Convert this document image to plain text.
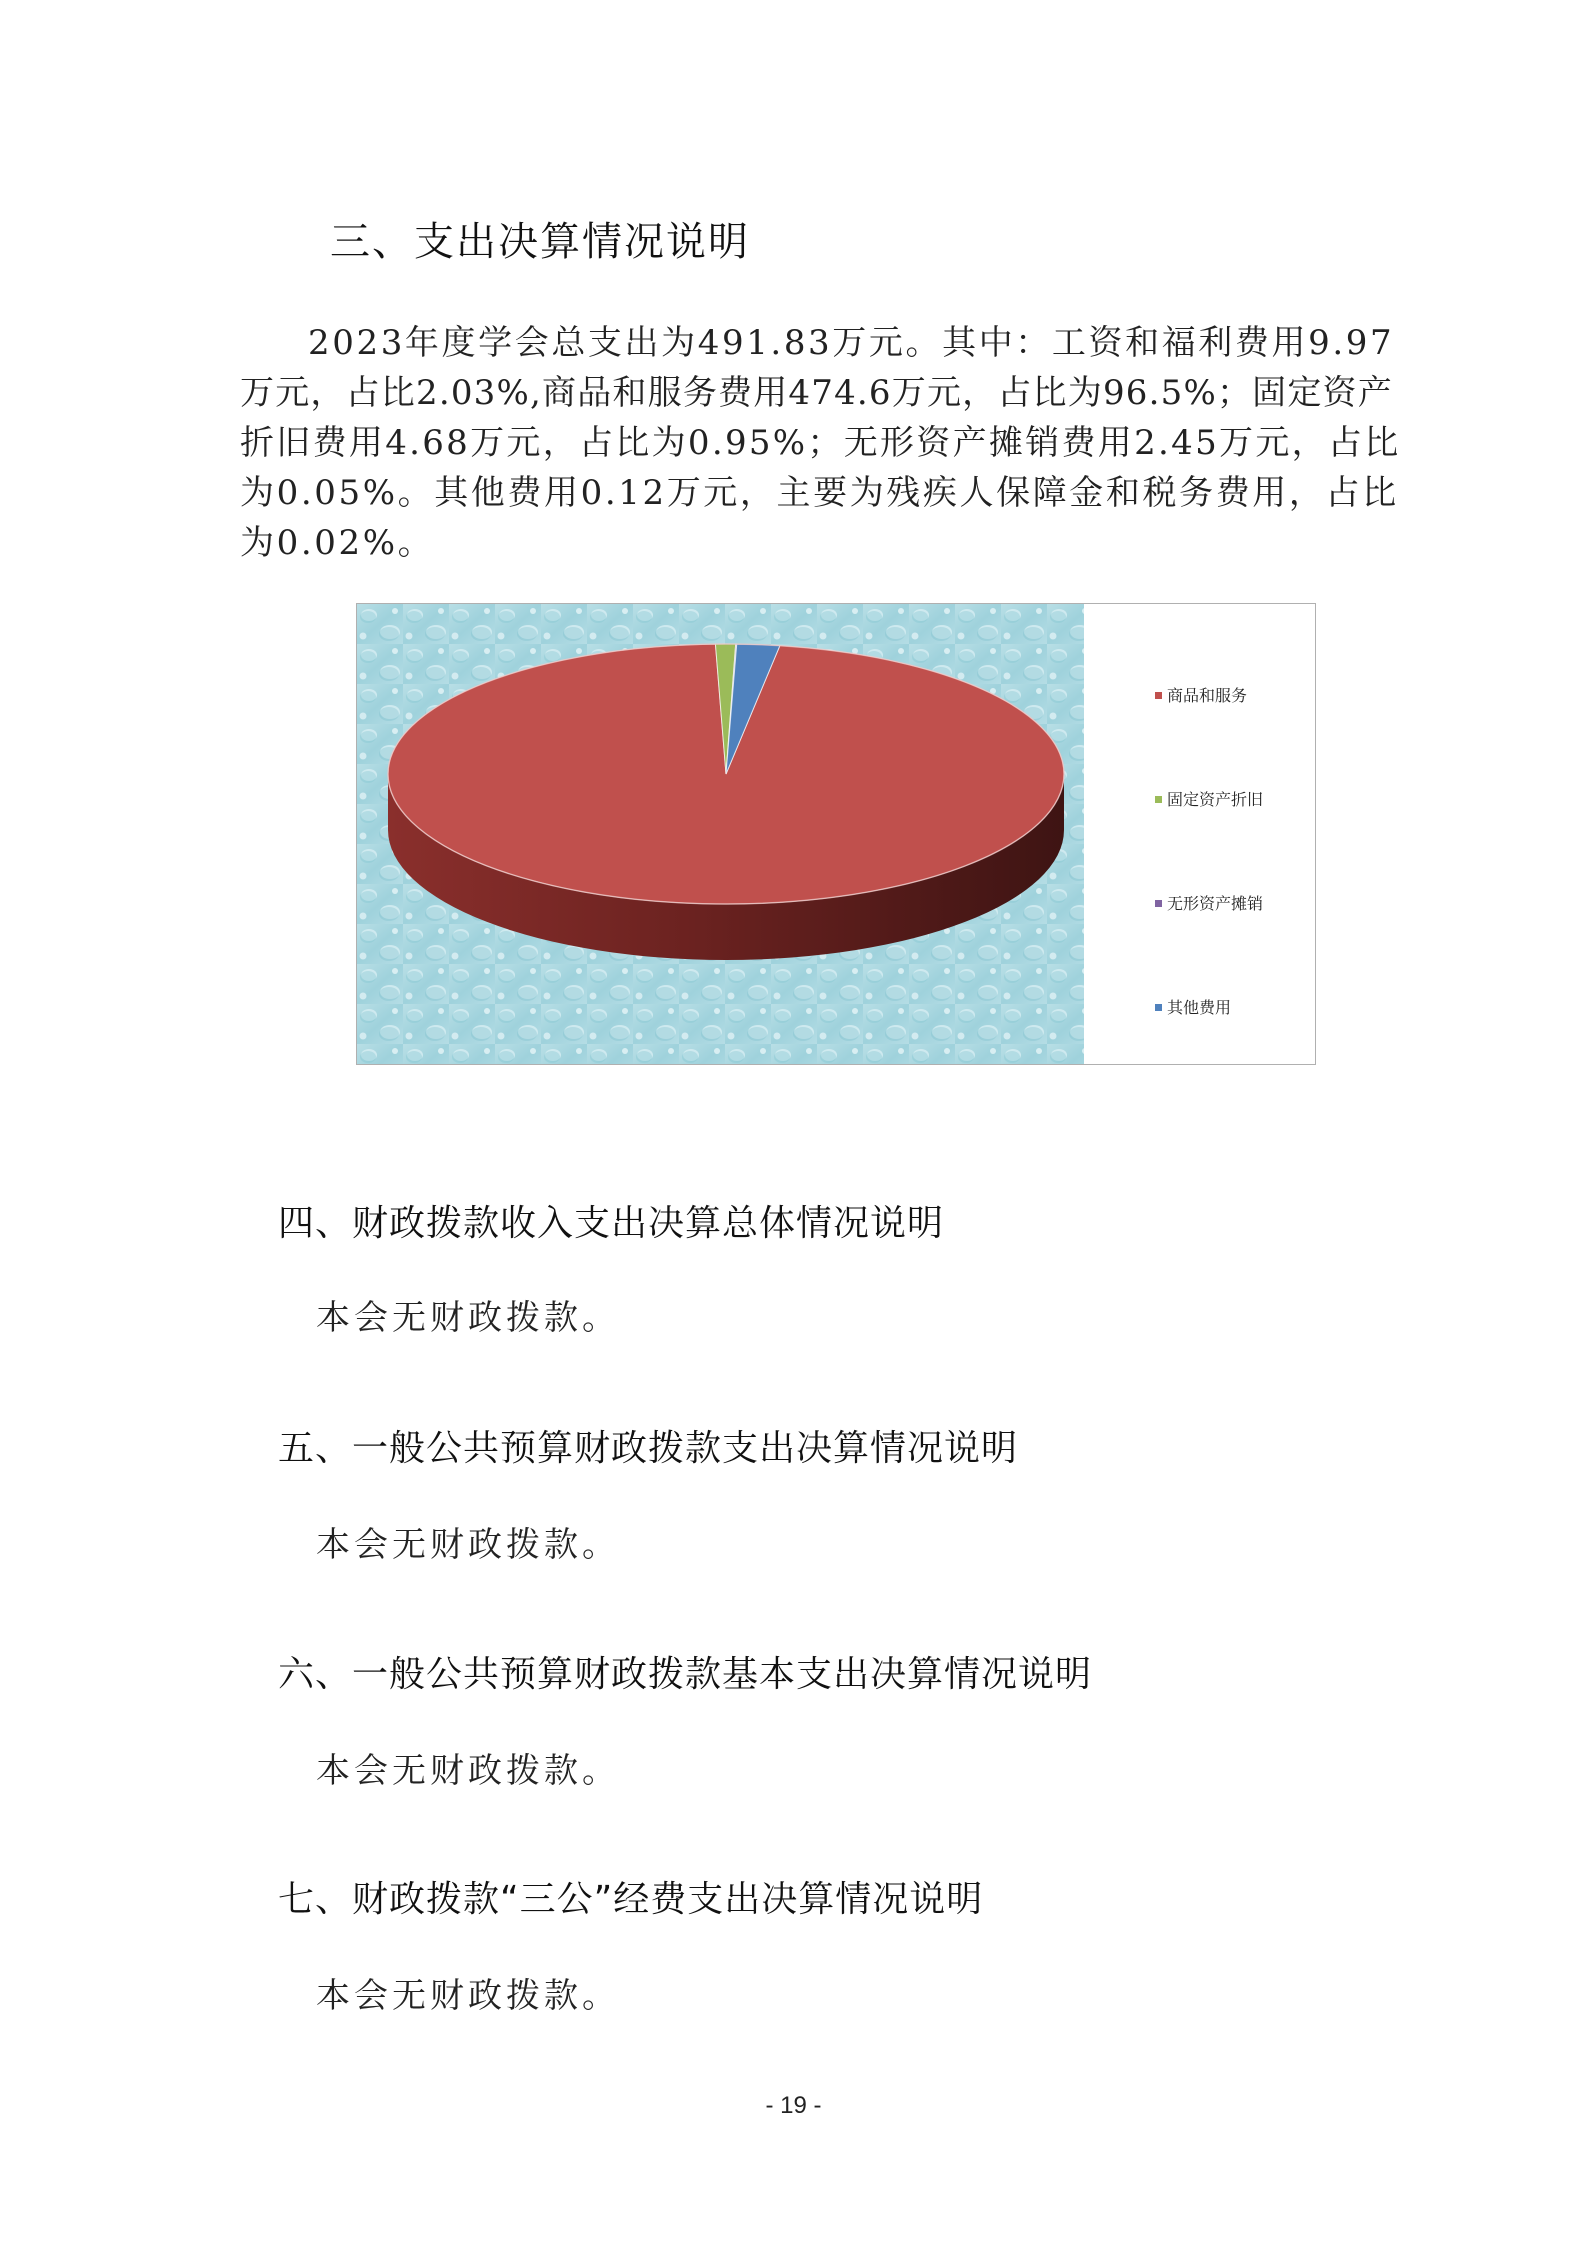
三、支出决算情况说明
2023年度学会总支出为491.83万元。其中：工资和福利费用9.97
万元，占比2.03%,商品和服务费用474.6万元，占比为96.5%；固定资产
折旧费用4.68万元，占比为0.95%；无形资产摊销费用2.45万元，占比
为0.05%。其他费用0.12万元，主要为残疾人保障金和税务费用，占比
为0.02%。
商品和服务
固定资产折旧
无形资产摊销
其他费用
四、财政拨款收入支出决算总体情况说明
本会无财政拨款。
五、一般公共预算财政拨款支出决算情况说明
本会无财政拨款。
六、一般公共预算财政拨款基本支出决算情况说明
本会无财政拨款。
七、财政拨款“三公”经费支出决算情况说明
本会无财政拨款。
- 19 -
